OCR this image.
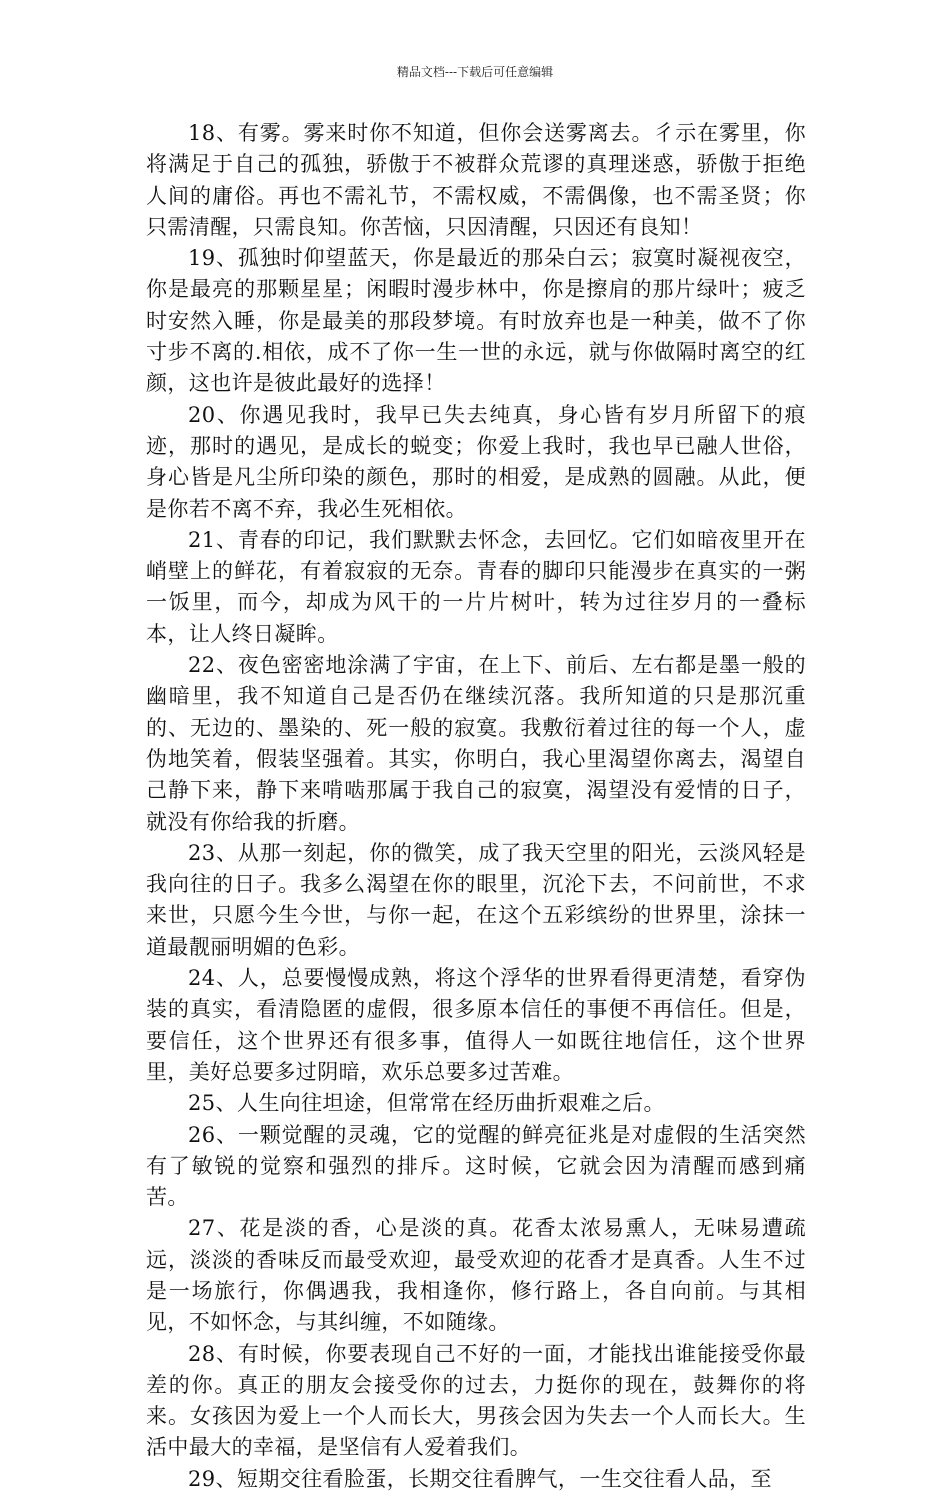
精品文档---下载后可任意编辑

18、有雾。雾来时你不知道，但你会送雾离去。彳示在雾里，你将满足于自己的孤独，骄傲于不被群众荒谬的真理迷惑，骄傲于拒绝人间的庸俗。再也不需礼节，不需权威，不需偶像，也不需圣贤；你只需清醒，只需良知。你苦恼，只因清醒，只因还有良知！

19、孤独时仰望蓝天，你是最近的那朵白云；寂寞时凝视夜空，你是最亮的那颗星星；闲暇时漫步林中，你是擦肩的那片绿叶；疲乏时安然入睡，你是最美的那段梦境。有时放弃也是一种美，做不了你寸步不离的.相依，成不了你一生一世的永远，就与你做隔时离空的红颜，这也许是彼此最好的选择！

20、你遇见我时，我早已失去纯真，身心皆有岁月所留下的痕迹，那时的遇见，是成长的蜕变；你爱上我时，我也早已融人世俗，身心皆是凡尘所印染的颜色，那时的相爱，是成熟的圆融。从此，便是你若不离不弃，我必生死相依。

21、青春的印记，我们默默去怀念，去回忆。它们如暗夜里开在峭壁上的鲜花，有着寂寂的无奈。青春的脚印只能漫步在真实的一粥一饭里，而今，却成为风干的一片片树叶，转为过往岁月的一叠标本，让人终日凝眸。

22、夜色密密地涂满了宇宙，在上下、前后、左右都是墨一般的幽暗里，我不知道自己是否仍在继续沉落。我所知道的只是那沉重的、无边的、墨染的、死一般的寂寞。我敷衍着过往的每一个人，虚伪地笑着，假装坚强着。其实，你明白，我心里渴望你离去，渴望自己静下来，静下来啃啮那属于我自己的寂寞，渴望没有爱情的日子，就没有你给我的折磨。

23、从那一刻起，你的微笑，成了我天空里的阳光，云淡风轻是我向往的日子。我多么渴望在你的眼里，沉沦下去，不问前世，不求来世，只愿今生今世，与你一起，在这个五彩缤纷的世界里，涂抹一道最靓丽明媚的色彩。

24、人，总要慢慢成熟，将这个浮华的世界看得更清楚，看穿伪装的真实，看清隐匿的虚假，很多原本信任的事便不再信任。但是，要信任，这个世界还有很多事，值得人一如既往地信任，这个世界里，美好总要多过阴暗，欢乐总要多过苦难。

25、人生向往坦途，但常常在经历曲折艰难之后。

26、一颗觉醒的灵魂，它的觉醒的鲜亮征兆是对虚假的生活突然有了敏锐的觉察和强烈的排斥。这时候，它就会因为清醒而感到痛苦。

27、花是淡的香，心是淡的真。花香太浓易熏人，无味易遭疏远，淡淡的香味反而最受欢迎，最受欢迎的花香才是真香。人生不过是一场旅行，你偶遇我，我相逢你，修行路上，各自向前。与其相见，不如怀念，与其纠缠，不如随缘。

28、有时候，你要表现自己不好的一面，才能找出谁能接受你最差的你。真正的朋友会接受你的过去，力挺你的现在，鼓舞你的将来。女孩因为爱上一个人而长大，男孩会因为失去一个人而长大。生活中最大的幸福，是坚信有人爱着我们。

29、短期交往看脸蛋，长期交往看脾气，一生交往看人品，至
